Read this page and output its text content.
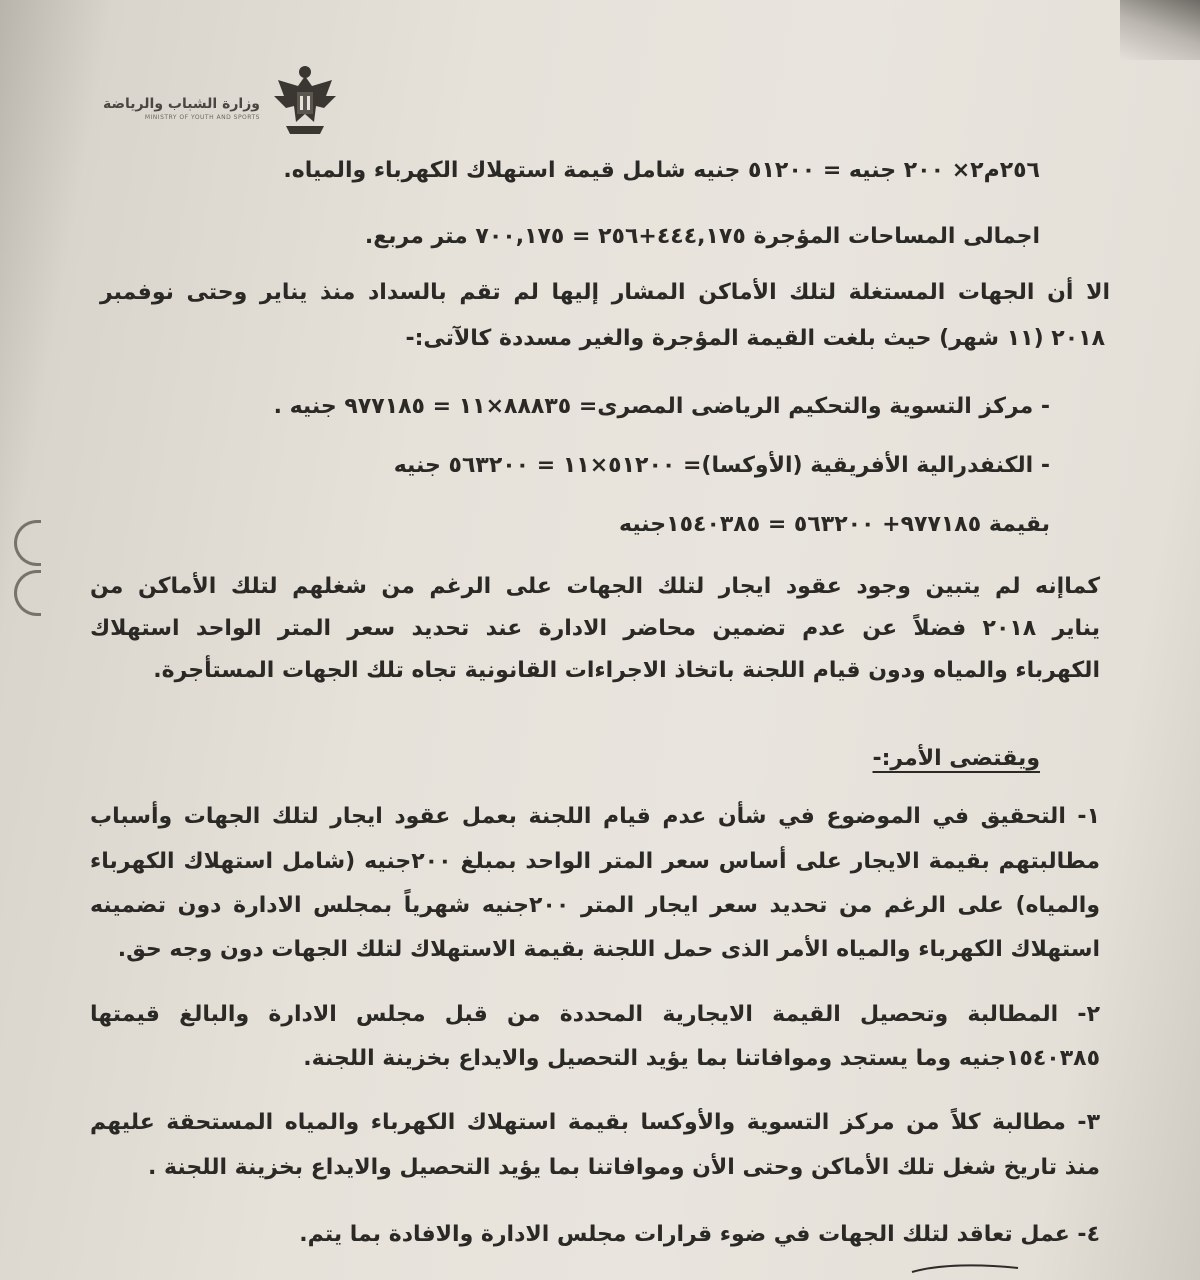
وزارة الشباب والرياضة
MINISTRY OF YOUTH AND SPORTS
٢٥٦م٢× ٢٠٠ جنيه = ٥١٢٠٠ جنيه شامل قيمة استهلاك الكهرباء والمياه.
اجمالى المساحات المؤجرة ٤٤٤,١٧٥+٢٥٦ = ٧٠٠,١٧٥ متر مربع.
الا أن الجهات المستغلة لتلك الأماكن المشار إليها لم تقم بالسداد منذ يناير وحتى نوفمبر
٢٠١٨ (١١ شهر) حيث بلغت القيمة المؤجرة والغير مسددة كالآتى:-
- مركز التسوية والتحكيم الرياضى المصرى= ٨٨٨٣٥×١١ = ٩٧٧١٨٥ جنيه .
- الكنفدرالية الأفريقية (الأوكسا)= ٥١٢٠٠×١١ = ٥٦٣٢٠٠ جنيه
بقيمة ٩٧٧١٨٥+ ٥٦٣٢٠٠ = ١٥٤٠٣٨٥جنيه
كماإنه لم يتبين وجود عقود ايجار لتلك الجهات على الرغم من شغلهم لتلك الأماكن من
يناير ٢٠١٨ فضلاً عن عدم تضمين محاضر الادارة عند تحديد سعر المتر الواحد استهلاك
الكهرباء والمياه ودون قيام اللجنة باتخاذ الاجراءات القانونية تجاه تلك الجهات المستأجرة.
ويقتضى الأمر:-
١- التحقيق في الموضوع في شأن عدم قيام اللجنة بعمل عقود ايجار لتلك الجهات وأسباب
مطالبتهم بقيمة الايجار على أساس سعر المتر الواحد بمبلغ ٢٠٠جنيه (شامل استهلاك الكهرباء
والمياه) على الرغم من تحديد سعر ايجار المتر ٢٠٠جنيه شهرياً بمجلس الادارة دون تضمينه
استهلاك الكهرباء والمياه الأمر الذى حمل اللجنة بقيمة الاستهلاك لتلك الجهات دون وجه حق.
٢- المطالبة وتحصيل القيمة الايجارية المحددة من قبل مجلس الادارة والبالغ قيمتها
١٥٤٠٣٨٥جنيه وما يستجد وموافاتنا بما يؤيد التحصيل والايداع بخزينة اللجنة.
٣- مطالبة كلاً من مركز التسوية والأوكسا بقيمة استهلاك الكهرباء والمياه المستحقة عليهم
منذ تاريخ شغل تلك الأماكن وحتى الأن وموافاتنا بما يؤيد التحصيل والايداع بخزينة اللجنة .
٤- عمل تعاقد لتلك الجهات في ضوء قرارات مجلس الادارة والافادة بما يتم.
